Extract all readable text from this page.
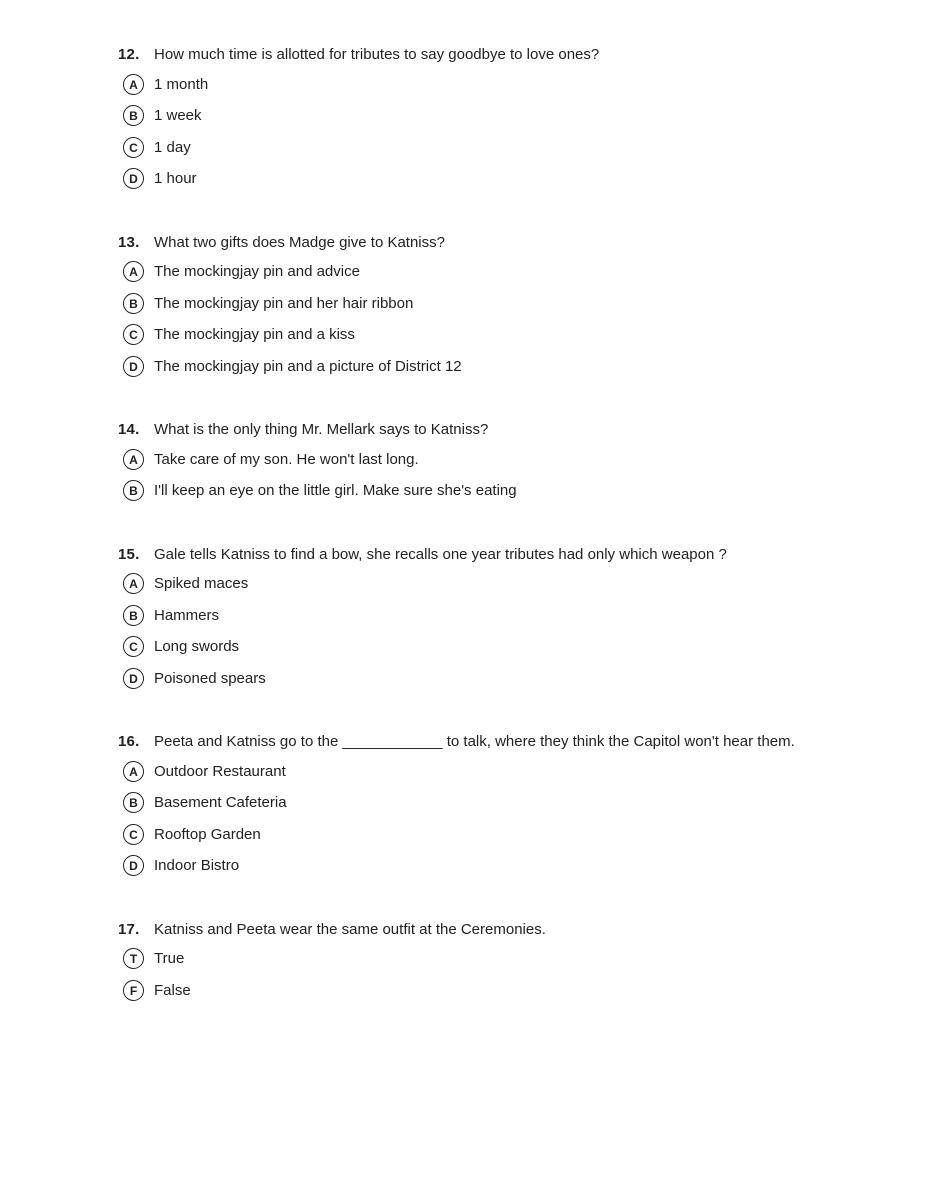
12. How much time is allotted for tributes to say goodbye to love ones?
A	1 month
B	1 week
C	1 day
D	1 hour
13. What two gifts does Madge give to Katniss?
A	The mockingjay pin and advice
B	The mockingjay pin and her hair ribbon
C	The mockingjay pin and a kiss
D	The mockingjay pin and a picture of District 12
14. What is the only thing Mr. Mellark says to Katniss?
A	Take care of my son. He won't last long.
B	I'll keep an eye on the little girl. Make sure she's eating
15. Gale tells Katniss to find a bow, she recalls one year tributes had only which weapon ?
A	Spiked maces
B	Hammers
C	Long swords
D	Poisoned spears
16. Peeta and Katniss go to the ____________ to talk, where they think the Capitol won't hear them.
A	Outdoor Restaurant
B	Basement Cafeteria
C	Rooftop Garden
D	Indoor Bistro
17. Katniss and Peeta wear the same outfit at the Ceremonies.
T	True
F	False
